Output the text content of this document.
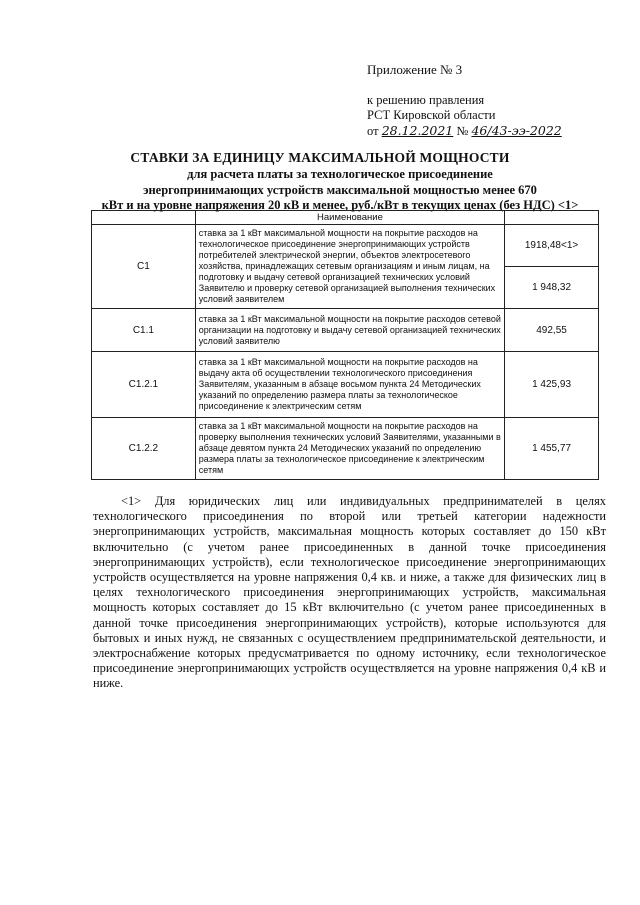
Приложение № 3
к решению правления
РСТ Кировской области
от 28.12.2021 № 46/43-ээ-2022
СТАВКИ ЗА ЕДИНИЦУ МАКСИМАЛЬНОЙ МОЩНОСТИ
для расчета платы за технологическое присоединение
энергопринимающих устройств максимальной мощностью менее 670
кВт и на уровне напряжения 20 кВ и менее, руб./кВт в текущих ценах (без НДС) <1>
	Наименование	
С1	ставка за 1 кВт максимальной мощности на покрытие расходов на технологическое присоединение энергопринимающих устройств потребителей электрической энергии, объектов электросетевого хозяйства, принадлежащих сетевым организациям и иным лицам, на подготовку и выдачу сетевой организацией технических условий Заявителю и проверку сетевой организацией выполнения технических условий заявителем	1918,48<1>
		1 948,32
С1.1	ставка за 1 кВт максимальной мощности на покрытие расходов сетевой организации на подготовку и выдачу сетевой организацией технических условий заявителю	492,55
С1.2.1	ставка за 1 кВт максимальной мощности на покрытие расходов на выдачу акта об осуществлении технологического присоединения Заявителям, указанным в абзаце восьмом пункта 24 Методических указаний по определению размера платы за технологическое присоединение к электрическим сетям	1 425,93
С1.2.2	ставка за 1 кВт максимальной мощности на покрытие расходов на проверку выполнения технических условий Заявителями, указанными в абзаце девятом пункта 24 Методических указаний по определению размера платы за технологическое присоединение к электрическим сетям	1 455,77

<1> Для юридических лиц или индивидуальных предпринимателей в целях технологического присоединения по второй или третьей категории надежности энергопринимающих устройств, максимальная мощность которых составляет до 150 кВт включительно (с учетом ранее присоединенных в данной точке присоединения энергопринимающих устройств), если технологическое присоединение энергопринимающих устройств осуществляется на уровне напряжения 0,4 кв. и ниже, а также для физических лиц в целях технологического присоединения энергопринимающих устройств, максимальная мощность которых составляет до 15 кВт включительно (с учетом ранее присоединенных в данной точке присоединения энергопринимающих устройств), которые используются для бытовых и иных нужд, не связанных с осуществлением предпринимательской деятельности, и электроснабжение которых предусматривается по одному источнику, если технологическое присоединение энергопринимающих устройств осуществляется на уровне напряжения 0,4 кВ и ниже.
